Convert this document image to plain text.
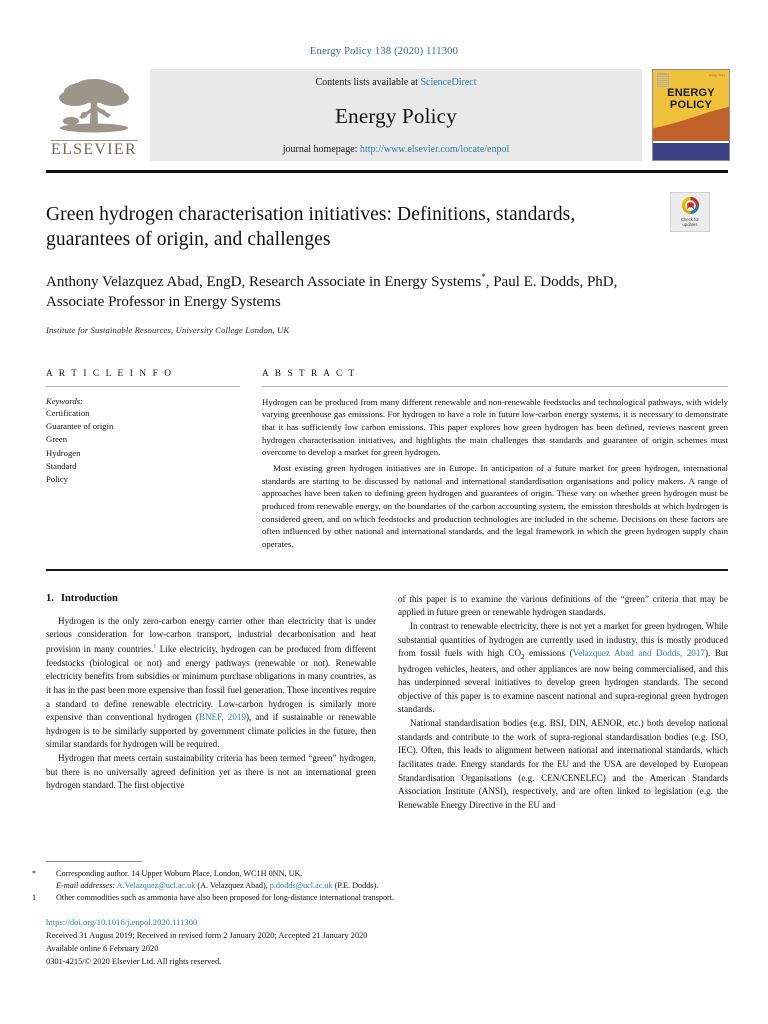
Energy Policy 138 (2020) 111300
ELSEVIER
Contents lists available at ScienceDirect
Energy Policy
journal homepage: http://www.elsevier.com/locate/enpol
Energy Policy
ENERGY
POLICY
Check for
updates
Green hydrogen characterisation initiatives: Definitions, standards, guarantees of origin, and challenges
Anthony Velazquez Abad, EngD, Research Associate in Energy Systems*, Paul E. Dodds, PhD, Associate Professor in Energy Systems
Institute for Sustainable Resources, University College London, UK
A R T I C L E I N F O
Keywords:
Certification
Guarantee of origin
Green
Hydrogen
Standard
Policy
A B S T R A C T

Hydrogen can be produced from many different renewable and non-renewable feedstocks and technological pathways, with widely varying greenhouse gas emissions. For hydrogen to have a role in future low-carbon energy systems, it is necessary to demonstrate that it has sufficiently low carbon emissions. This paper explores how green hydrogen has been defined, reviews nascent green hydrogen characterisation initiatives, and highlights the main challenges that standards and guarantee of origin schemes must overcome to develop a market for green hydrogen.

Most existing green hydrogen initiatives are in Europe. In anticipation of a future market for green hydrogen, international standards are starting to be discussed by national and international standardisation organisations and policy makers. A range of approaches have been taken to defining green hydrogen and guarantees of origin. These vary on whether green hydrogen must be produced from renewable energy, on the boundaries of the carbon accounting system, the emission thresholds at which hydrogen is considered green, and on which feedstocks and production technologies are included in the scheme. Decisions on these factors are often influenced by other national and international standards, and the legal framework in which the green hydrogen supply chain operates.

1. Introduction

Hydrogen is the only zero-carbon energy carrier other than electricity that is under serious consideration for low-carbon transport, industrial decarbonisation and heat provision in many countries.$^1$ Like electricity, hydrogen can be produced from different feedstocks (biological or not) and energy pathways (renewable or not). Renewable electricity benefits from subsidies or minimum purchase obligations in many countries, as it has in the past been more expensive than fossil fuel generation. These incentives require a standard to define renewable electricity. Low-carbon hydrogen is similarly more expensive than conventional hydrogen (BNEF, 2019), and if sustainable or renewable hydrogen is to be similarly supported by government climate policies in the future, then similar standards for hydrogen will be required.

Hydrogen that meets certain sustainability criteria has been termed “green” hydrogen, but there is no universally agreed definition yet as there is not an international green hydrogen standard. The first objective

of this paper is to examine the various definitions of the “green” criteria that may be applied in future green or renewable hydrogen standards.

In contrast to renewable electricity, there is not yet a market for green hydrogen. While substantial quantities of hydrogen are currently used in industry, this is mostly produced from fossil fuels with high $CO_2$ emissions (Velazquez Abad and Dodds, 2017). But hydrogen vehicles, heaters, and other appliances are now being commercialised, and this has underpinned several initiatives to develop green hydrogen standards. The second objective of this paper is to examine nascent national and supra-regional green hydrogen standards.

National standardisation bodies (e.g. BSI, DIN, AENOR, etc.) both develop national standards and contribute to the work of supra-regional standardisation bodies (e.g. ISO, IEC). Often, this leads to alignment between national and international standards, which facilitates trade. Energy standards for the EU and the USA are developed by European Standardisation Organisations (e.g. CEN/CENELEC) and the American Standards Association Institute (ANSI), respectively, and are often linked to legislation (e.g. the Renewable Energy Directive in the EU and

* Corresponding author. 14 Upper Woburn Place, London, WC1H 0NN, UK.
E-mail addresses: A.Velazquez@ucl.ac.uk (A. Velazquez Abad), p.dodds@ucl.ac.uk (P.E. Dodds).
1 Other commodities such as ammonia have also been proposed for long-distance international transport.
https://doi.org/10.1016/j.enpol.2020.111300
Received 31 August 2019; Received in revised form 2 January 2020; Accepted 21 January 2020
Available online 6 February 2020
0301-4215/© 2020 Elsevier Ltd. All rights reserved.
